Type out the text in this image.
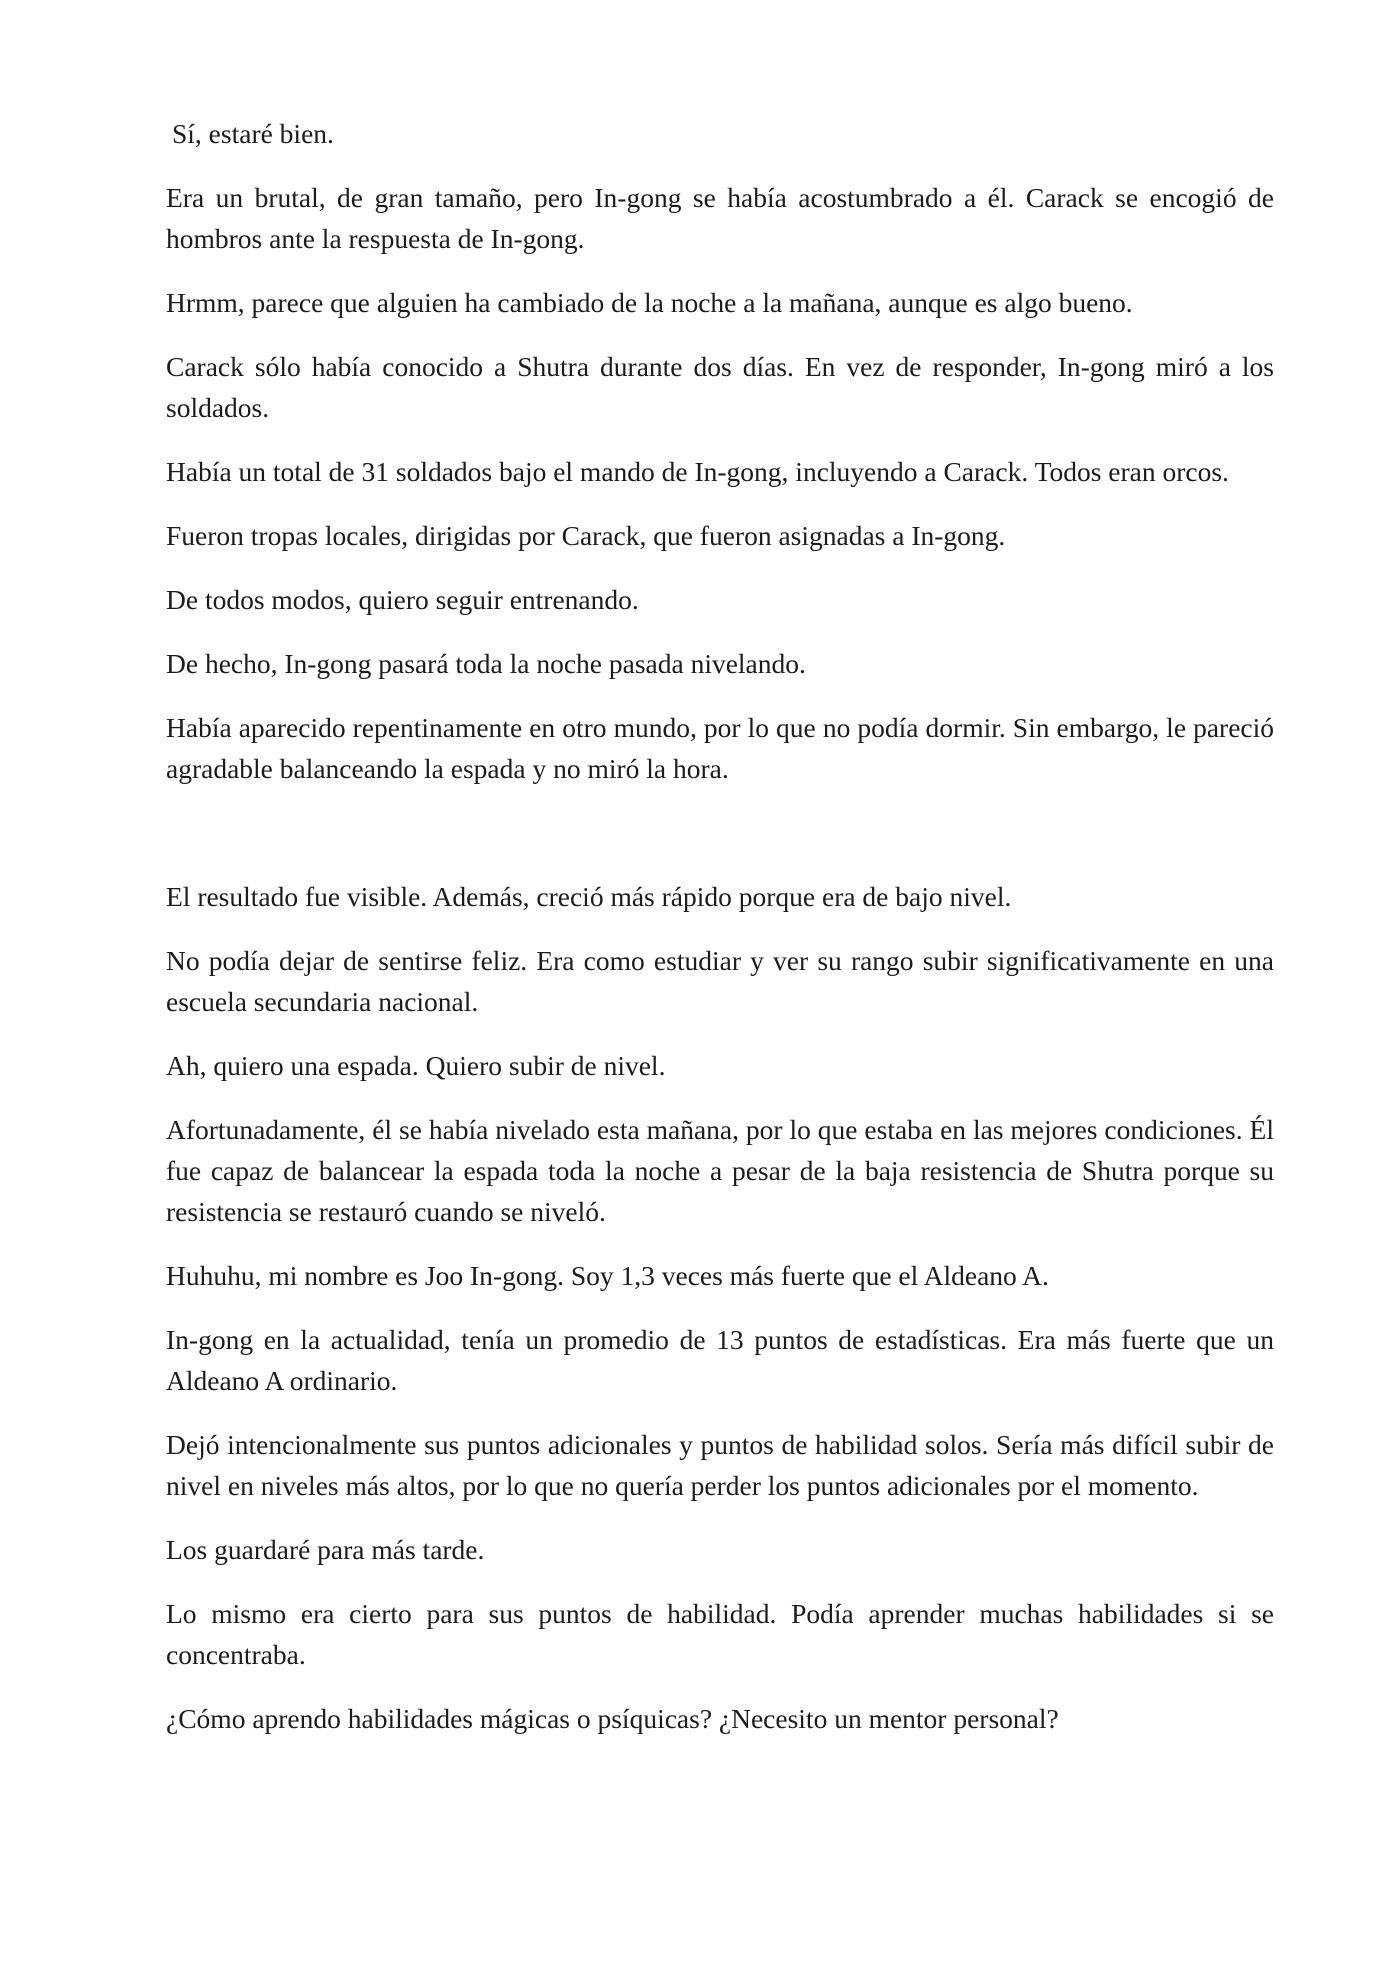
Sí, estaré bien.

Era un brutal, de gran tamaño, pero In-gong se había acostumbrado a él. Carack se encogió de hombros ante la respuesta de In-gong.

Hrmm, parece que alguien ha cambiado de la noche a la mañana, aunque es algo bueno.

Carack sólo había conocido a Shutra durante dos días. En vez de responder, In-gong miró a los soldados.

Había un total de 31 soldados bajo el mando de In-gong, incluyendo a Carack. Todos eran orcos.

Fueron tropas locales, dirigidas por Carack, que fueron asignadas a In-gong.

De todos modos, quiero seguir entrenando.

De hecho, In-gong pasará toda la noche pasada nivelando.

Había aparecido repentinamente en otro mundo, por lo que no podía dormir. Sin embargo, le pareció agradable balanceando la espada y no miró la hora.

El resultado fue visible. Además, creció más rápido porque era de bajo nivel.

No podía dejar de sentirse feliz. Era como estudiar y ver su rango subir significativamente en una escuela secundaria nacional.

Ah, quiero una espada. Quiero subir de nivel.

Afortunadamente, él se había nivelado esta mañana, por lo que estaba en las mejores condiciones. Él fue capaz de balancear la espada toda la noche a pesar de la baja resistencia de Shutra porque su resistencia se restauró cuando se niveló.

Huhuhu, mi nombre es Joo In-gong. Soy 1,3 veces más fuerte que el Aldeano A.

In-gong en la actualidad, tenía un promedio de 13 puntos de estadísticas. Era más fuerte que un Aldeano A ordinario.

Dejó intencionalmente sus puntos adicionales y puntos de habilidad solos. Sería más difícil subir de nivel en niveles más altos, por lo que no quería perder los puntos adicionales por el momento.

Los guardaré para más tarde.

Lo mismo era cierto para sus puntos de habilidad. Podía aprender muchas habilidades si se concentraba.

¿Cómo aprendo habilidades mágicas o psíquicas? ¿Necesito un mentor personal?
